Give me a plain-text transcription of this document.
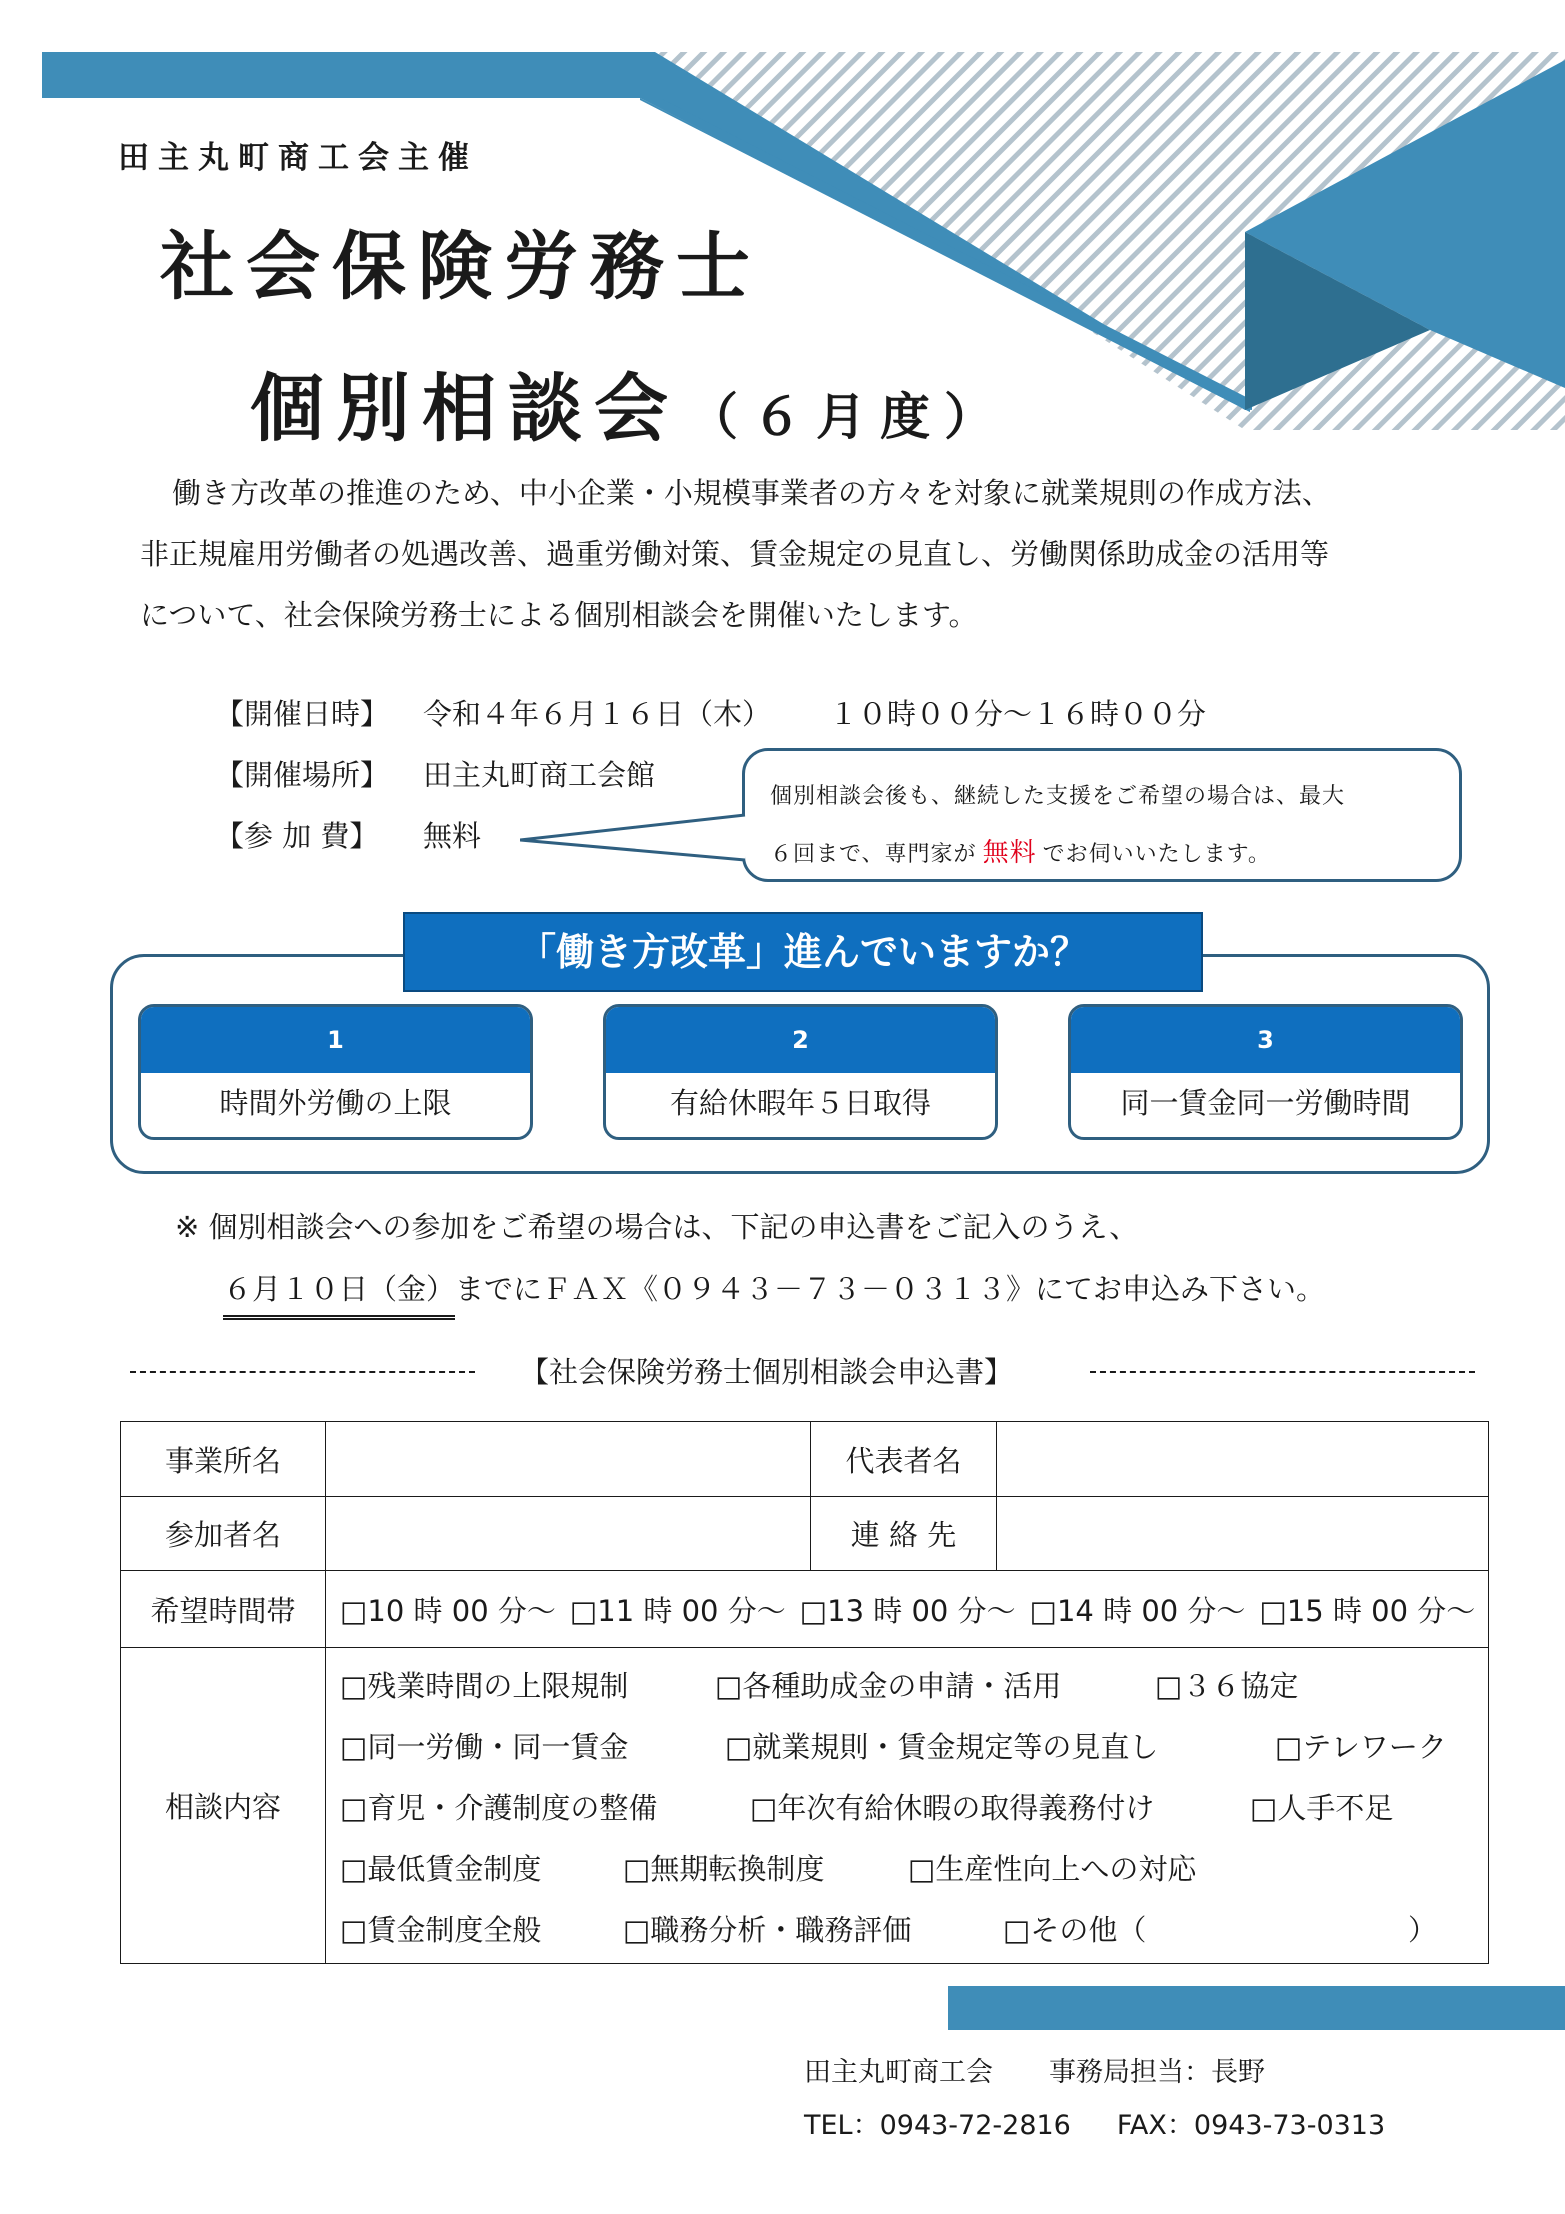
田主丸町商工会主催
社会保険労務士
個別相談会 （６月度）

働き方改革の推進のため、中小企業・小規模事業者の方々を対象に就業規則の作成方法、

非正規雇用労働者の処遇改善、過重労働対策、賃金規定の見直し、労働関係助成金の活用等

について、社会保険労務士による個別相談会を開催いたします。

【開催日時】 令和４年６月１６日（木） １０時００分～１６時００分
【開催場所】 田主丸町商工会館
【参 加 費】 無料
個別相談会後も、継続した支援をご希望の場合は、最大
６回まで、専門家が 無料 でお伺いいたします。
「働き方改革」進んでいますか？
1
時間外労働の上限
2
有給休暇年５日取得
3
同一賃金同一労働時間

※ 個別相談会への参加をご希望の場合は、下記の申込書をご記入のうえ、

６月１０日（金）までにＦＡＸ《０９４３－７３－０３１３》にてお申込み下さい。

【社会保険労務士個別相談会申込書】
事業所名		代表者名	
参加者名		連 絡 先	
希望時間帯	□10 時 00 分～ □11 時 00 分～ □13 時 00 分～ □14 時 00 分～ □15 時 00 分～		
相談内容	□残業時間の上限規制 □各種助成金の申請・活用 □３６協定
□同一労働・同一賃金 □就業規則・賃金規定等の見直し □テレワーク
□育児・介護制度の整備 □年次有給休暇の取得義務付け □人手不足
□最低賃金制度 □無期転換制度 □生産性向上への対応
□賃金制度全般 □職務分析・職務評価 □その他（ ）		
田主丸町商工会 事務局担当：長野
TEL：0943-72-2816 FAX：0943-73-0313
